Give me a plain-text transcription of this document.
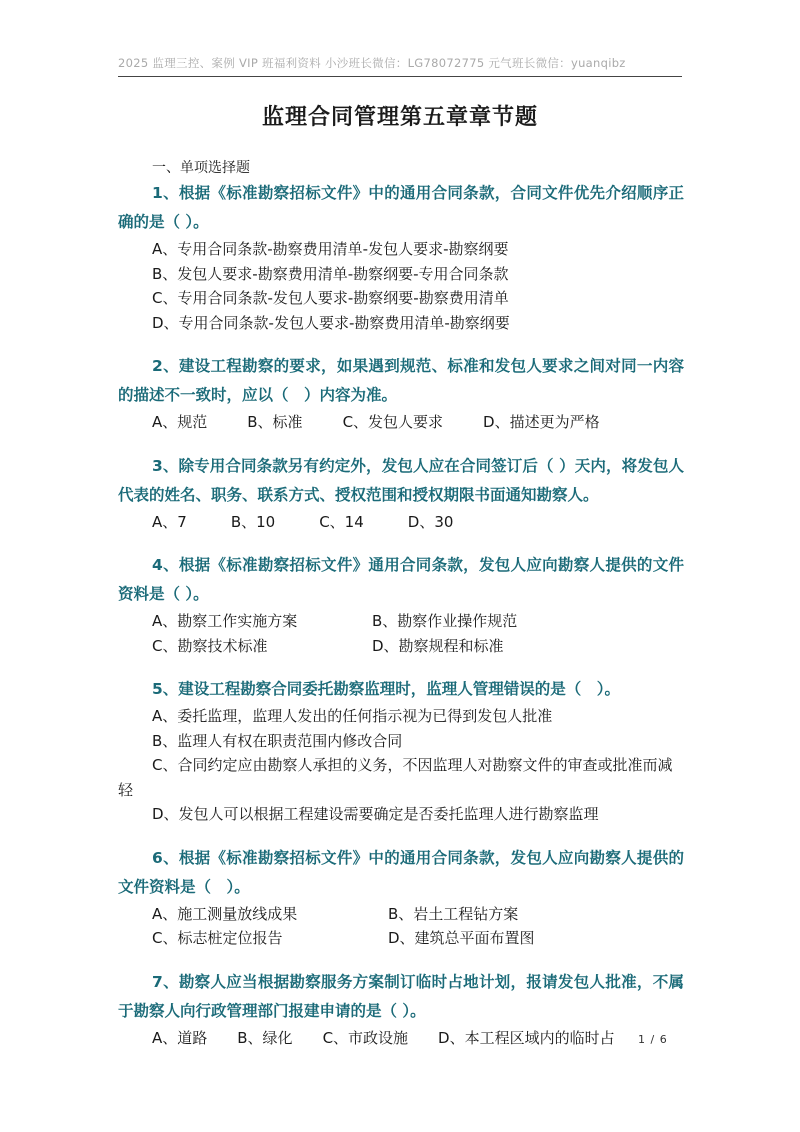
2025 监理三控、案例 VIP 班福利资料 小沙班长微信：LG78072775 元气班长微信：yuanqibz
监理合同管理第五章章节题
一、单项选择题
1、根据《标准勘察招标文件》中的通用合同条款，合同文件优先介绍顺序正确的是（ ）。
A、专用合同条款-勘察费用清单-发包人要求-勘察纲要
B、发包人要求-勘察费用清单-勘察纲要-专用合同条款
C、专用合同条款-发包人要求-勘察纲要-勘察费用清单
D、专用合同条款-发包人要求-勘察费用清单-勘察纲要
2、建设工程勘察的要求，如果遇到规范、标准和发包人要求之间对同一内容的描述不一致时，应以（　）内容为准。
A、规范	B、标准	C、发包人要求	D、描述更为严格
3、除专用合同条款另有约定外，发包人应在合同签订后（ ）天内，将发包人代表的姓名、职务、联系方式、授权范围和授权期限书面通知勘察人。
A、7	B、10	C、14	D、30
4、根据《标准勘察招标文件》通用合同条款，发包人应向勘察人提供的文件资料是（ ）。
A、勘察工作实施方案	B、勘察作业操作规范
C、勘察技术标准	D、勘察规程和标准
5、建设工程勘察合同委托勘察监理时，监理人管理错误的是（　）。
A、委托监理，监理人发出的任何指示视为已得到发包人批准
B、监理人有权在职责范围内修改合同
C、合同约定应由勘察人承担的义务，不因监理人对勘察文件的审查或批准而减轻
D、发包人可以根据工程建设需要确定是否委托监理人进行勘察监理
6、根据《标准勘察招标文件》中的通用合同条款，发包人应向勘察人提供的文件资料是（　）。
A、施工测量放线成果	B、岩土工程钻方案
C、标志桩定位报告	D、建筑总平面布置图
7、勘察人应当根据勘察服务方案制订临时占地计划，报请发包人批准，不属于勘察人向行政管理部门报建申请的是（ ）。
A、道路 B、绿化 C、市政设施 D、本工程区域内的临时占 1 / 6
